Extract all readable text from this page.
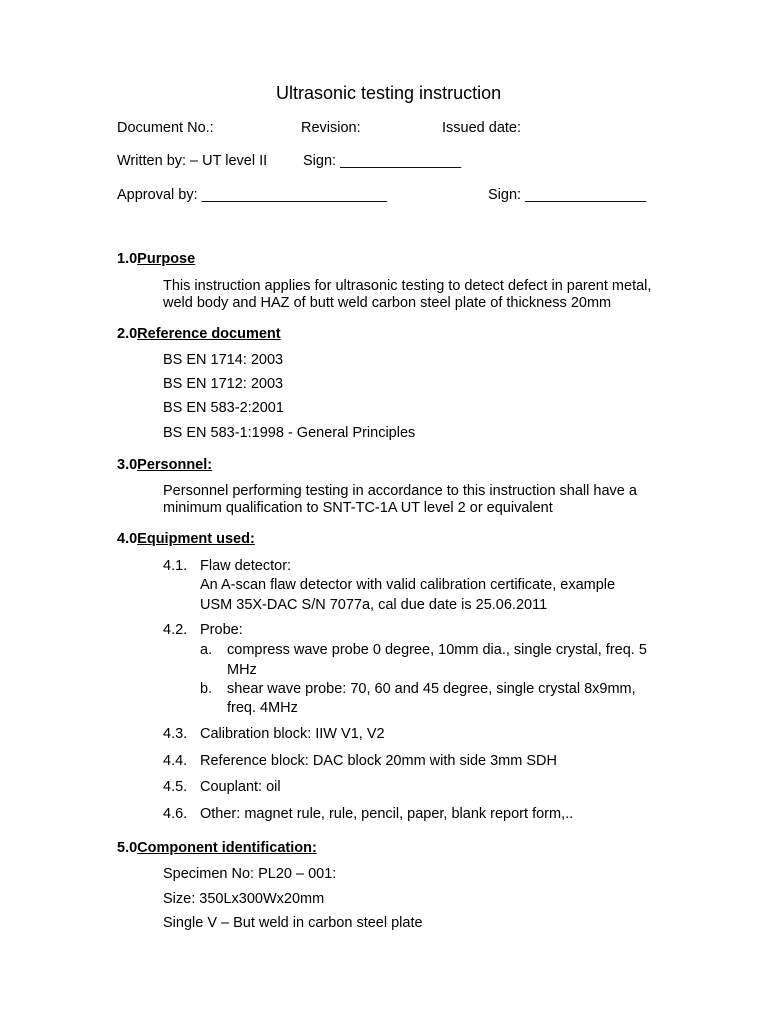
Ultrasonic testing instruction
Document No.:	Revision:	Issued date:
Written by: – UT level II Sign: _______________
Approval by: _______________________	Sign: _______________
1.0Purpose
This instruction applies for ultrasonic testing to detect defect in parent metal,
weld body and HAZ of butt weld carbon steel plate of thickness 20mm
2.0Reference document
BS EN 1714: 2003
BS EN 1712: 2003
BS EN 583-2:2001
BS EN 583-1:1998 - General Principles
3.0Personnel:
Personnel performing testing in accordance to this instruction shall have a
minimum qualification to SNT-TC-1A UT level 2 or equivalent
4.0Equipment used:
4.1. Flaw detector:
An A-scan flaw detector with valid calibration certificate, example
USM 35X-DAC S/N 7077a, cal due date is 25.06.2011
4.2. Probe:
a. compress wave probe 0 degree, 10mm dia., single crystal, freq. 5
MHz
b. shear wave probe: 70, 60 and 45 degree, single crystal 8x9mm,
freq. 4MHz
4.3. Calibration block: IIW V1, V2
4.4. Reference block: DAC block 20mm with side 3mm SDH
4.5. Couplant: oil
4.6. Other: magnet rule, rule, pencil, paper, blank report form,..
5.0Component identification:
Specimen No: PL20 – 001:
Size: 350Lx300Wx20mm
Single V – But weld in carbon steel plate
